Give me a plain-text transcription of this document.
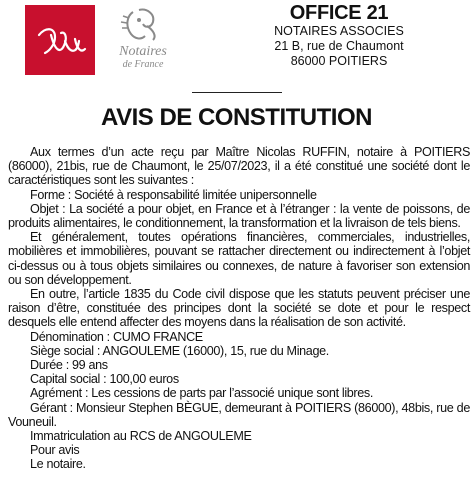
Notaires
de France
OFFICE 21
NOTAIRES ASSOCIES
21 B, rue de Chaumont
86000 POITIERS
AVIS DE CONSTITUTION

Aux termes d’un acte reçu par Maître Nicolas RUFFIN, notaire à POITIERS (86000), 21bis, rue de Chaumont, le 25/07/2023, il a été constitué une société dont le caractéristiques sont les suivantes :

Forme : Société à responsabilité limitée unipersonnelle

Objet : La société a pour objet, en France et à l’étranger : la vente de poissons, de produits alimentaires, le conditionnement, la transformation et la livraison de tels biens.

Et généralement, toutes opérations financières, commerciales, industrielles, mobilières et immobilières, pouvant se rattacher directement ou indirectement à l’objet ci-dessus ou à tous objets similaires ou connexes, de nature à favoriser son extension ou son développement.

En outre, l’article 1835 du Code civil dispose que les statuts peuvent préciser une raison d’être, constituée des principes dont la société se dote et pour le respect desquels elle entend affecter des moyens dans la réalisation de son activité.

Dénomination : CUMO FRANCE

Siège social : ANGOULEME (16000), 15, rue du Minage.

Durée : 99 ans

Capital social : 100,00 euros

Agrément : Les cessions de parts par l’associé unique sont libres.

Gérant : Monsieur Stephen BÈGUE, demeurant à POITIERS (86000), 48bis, rue de Vouneuil.

Immatriculation au RCS de ANGOULEME

Pour avis

Le notaire.
